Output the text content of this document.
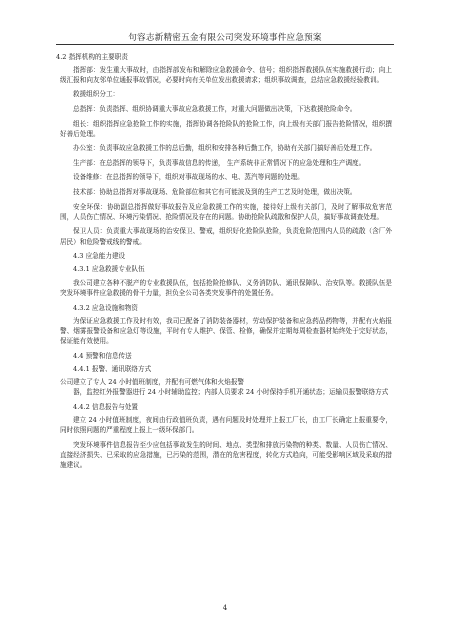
句容志新精密五金有限公司突发环境事件应急预案

4.2 指挥机构的主要职责

指挥部：发生重大事故时，由指挥部发布和解除应急救援命令、信号；组织指挥救援队伍实施救援行动；向上级汇报和向友邻单位通报事故情况，必要时向有关单位发出救援请求；组织事故调查，总结应急救援经验教训。

救援组织分工：

总指挥：负责指挥、组织协调重大事故应急救援工作，对重大问题做出决策，下达救援抢险命令。

组长：组织指挥应急抢险工作的实施，指挥协调各抢险队的抢险工作，向上级有关部门报告抢险情况，组织撰好善后处理。

办公室：负责事故应急救援工作的总后勤，组织和安排各种后勤工作，协助有关部门搞好善后处理工作。

生产部：在总指挥的领导下，负责事故信息的传递， 生产系统非正常情况下的应急处理和生产调度。

设备维修：在总指挥的领导下，组织对事故现场的水、电、蒸汽等问题的处理。

技术部：协助总指挥对事故现场、危险部位和其它有可能波及到的生产工艺及时处理，做出决策。

安全环保：协助副总指挥做好事故报告及应急救援工作的实施，接待好上级有关部门，及时了解事故危害范围，人员伤亡情况、环境污染情况、抢险情况及存在的问题。协助抢险队疏散和保护人员，搞好事故调查处理。

保卫人员：负责重大事故现场的治安保卫、警戒，组织好化抢险队抢险，负责危险范围内人员的疏散（含厂外居民）和危险警戒线的警戒。

4.3 应急能力建设

4.3.1 应急救援专业队伍

我公司建立各种不脱产的专业救援队伍，包括抢险抢修队、义务消防队、通讯保障队、治安队等。救援队伍是突发环境事件应急救援的骨干力量，担负全公司各类突发事件的处置任务。

4.3.2 应急设施和物资

为保证应急救援工作及时有效，我司已配备了消防装备器材，劳动保护装备和应急药品药物等，并配有火焰报警、烟雾报警设备和应急灯等设施，平时有专人维护、保管、检修，确保并定期每周检查器材始终处于完好状态，保证能有效使用。

4.4 预警和信息传送

4.4.1 报警、通讯联络方式

公司建立了专人 24 小时值班制度，并配有可燃气体和火焰报警

器，监控红外报警器进行 24 小时辅助监控；内部人员要求 24 小时保持手机开通状态；运输员报警联络方式

4.4.2 信息报告与处置

建立 24 小时值班制度，夜间由行政值班负责，遇有问题及时处理并上报工厂长，由工厂长确定上报重要令，同时依照问题的严重程度上报上一级环保部门。

突发环境事件信息报告至少应包括事故发生的时间、地点、类型和排放污染物的种类、数量、人员伤亡情况、直接经济损失、已采取的应急措施，已污染的范围，潜在的危害程度，转化方式趋向，可能受影响区域及采取的措施建议。

4
